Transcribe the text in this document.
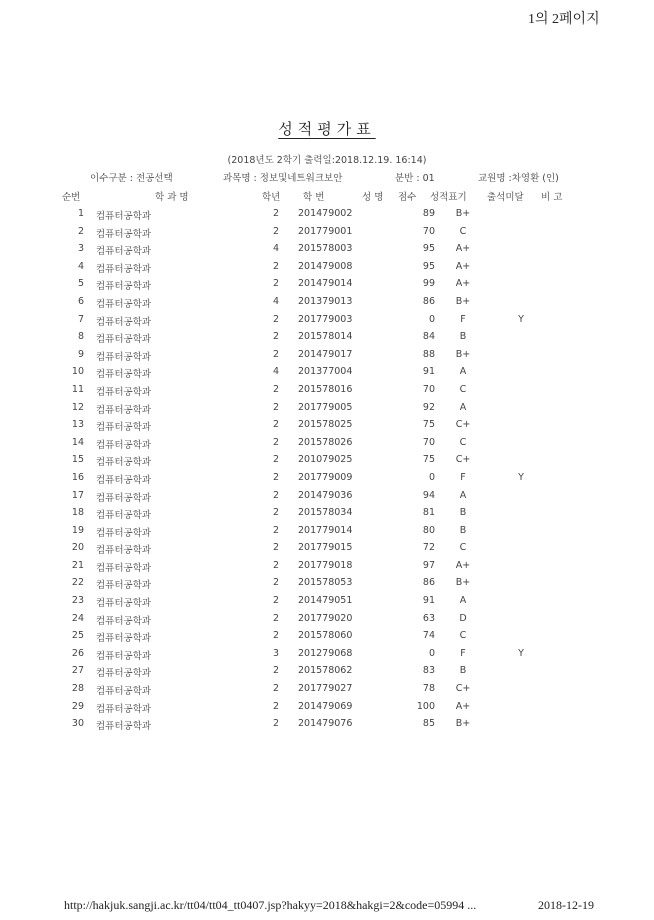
1의 2페이지
성적평가표
(2018년도 2학기 출력일:2018.12.19. 16:14)
이수구분 : 전공선택	과목명 : 정보및네트워크보안	분반 : 01	교원명 :차영환 (인)
순번	학 과 명	학년 학 번	성 명 점수 성적표기 출석미달 비 고
1 컴퓨터공학과	2	201479002	89 B+
2 컴퓨터공학과	2	201779001	70	C
3 컴퓨터공학과	4	201578003	95 A+
4 컴퓨터공학과	2	201479008	95 A+
5 컴퓨터공학과	2	201479014	99 A+
6 컴퓨터공학과	4	201379013	86 B+
7 컴퓨터공학과	2	201779003	0	F	Y
8 컴퓨터공학과	2	201578014	84	B
9 컴퓨터공학과	2	201479017	88 B+
10 컴퓨터공학과	4	201377004	91	A
11 컴퓨터공학과	2	201578016	70	C
12 컴퓨터공학과	2	201779005	92	A
13 컴퓨터공학과	2	201578025	75 C+
14 컴퓨터공학과	2	201578026	70	C
15 컴퓨터공학과	2	201079025	75 C+
16 컴퓨터공학과	2	201779009	0	F	Y
17 컴퓨터공학과	2	201479036	94	A
18 컴퓨터공학과	2	201578034	81	B
19 컴퓨터공학과	2	201779014	80	B
20 컴퓨터공학과	2	201779015	72	C
21 컴퓨터공학과	2	201779018	97 A+
22 컴퓨터공학과	2	201578053	86 B+
23 컴퓨터공학과	2	201479051	91	A
24 컴퓨터공학과	2	201779020	63	D
25 컴퓨터공학과	2	201578060	74	C
26 컴퓨터공학과	3	201279068	0	F	Y
27 컴퓨터공학과	2	201578062	83	B
28 컴퓨터공학과	2	201779027	78 C+
29 컴퓨터공학과	2	201479069	100 A+
30 컴퓨터공학과	2	201479076	85 B+
http://hakjuk.sangji.ac.kr/tt04/tt04_tt0407.jsp?hakyy=2018&hakgi=2&code=05994 ...	2018-12-19
